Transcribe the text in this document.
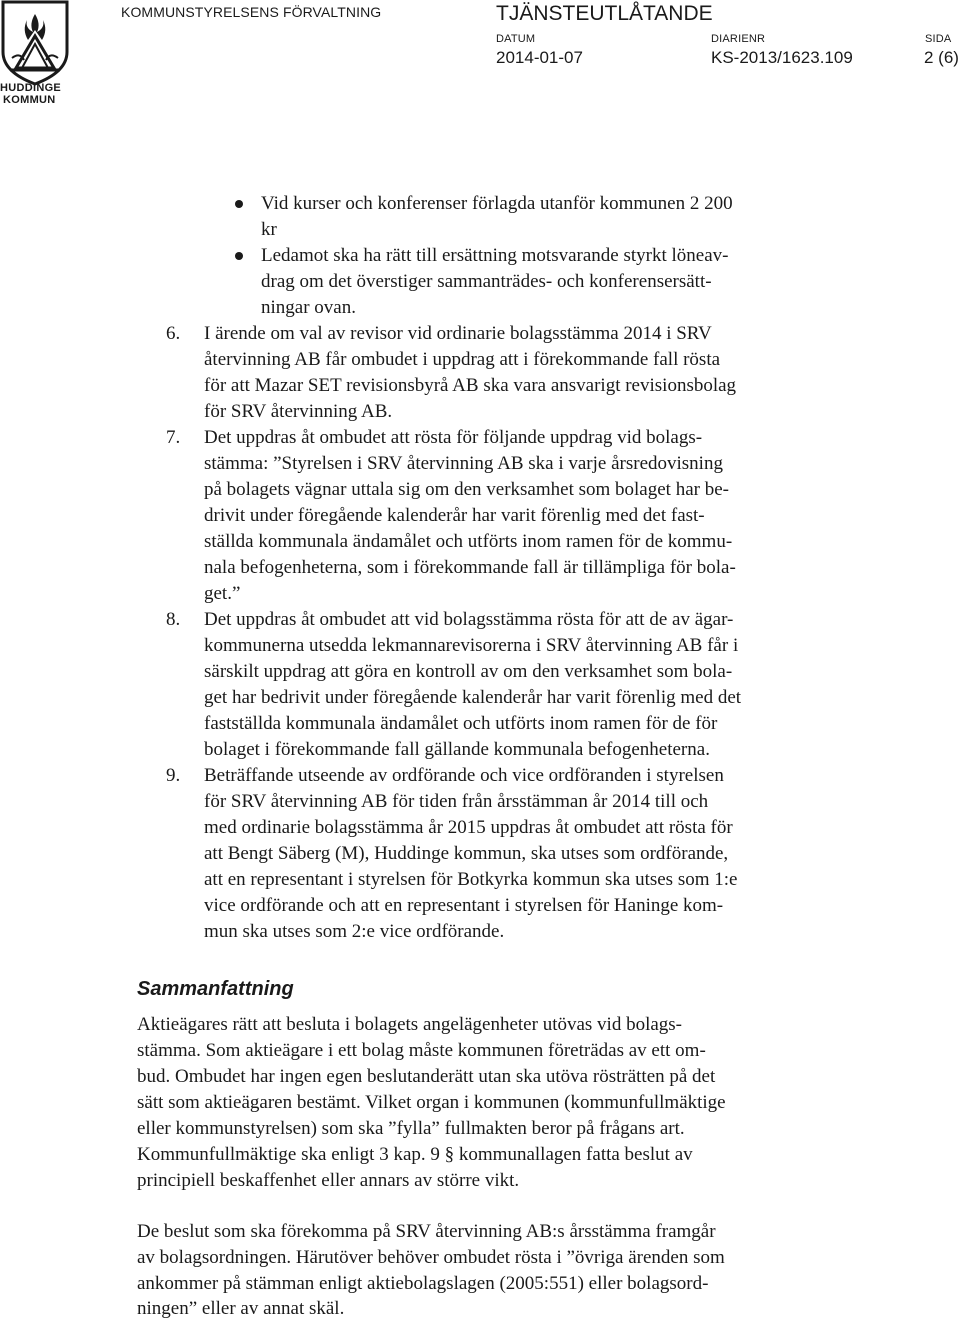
HUDDINGE
KOMMUN
KOMMUNSTYRELSENS FÖRVALTNING	TJÄNSTEUTLÅTANDE
DATUM
2014-01-07
DIARIENR
KS-2013/1623.109
SIDA
2 (6)
Vid kurser och konferenser förlagda utanför kommunen 2 200
kr
Ledamot ska ha rätt till ersättning motsvarande styrkt löneav-
drag om det överstiger sammanträdes- och konferensersätt-
ningar ovan.
6. I ärende om val av revisor vid ordinarie bolagsstämma 2014 i SRV
återvinning AB får ombudet i uppdrag att i förekommande fall rösta
för att Mazar SET revisionsbyrå AB ska vara ansvarigt revisionsbolag
för SRV återvinning AB.
7. Det uppdras åt ombudet att rösta för följande uppdrag vid bolags-
stämma: ”Styrelsen i SRV återvinning AB ska i varje årsredovisning
på bolagets vägnar uttala sig om den verksamhet som bolaget har be-
drivit under föregående kalenderår har varit förenlig med det fast-
ställda kommunala ändamålet och utförts inom ramen för de kommu-
nala befogenheterna, som i förekommande fall är tillämpliga för bola-
get.”
8. Det uppdras åt ombudet att vid bolagsstämma rösta för att de av ägar-
kommunerna utsedda lekmannarevisorerna i SRV återvinning AB får i
särskilt uppdrag att göra en kontroll av om den verksamhet som bola-
get har bedrivit under föregående kalenderår har varit förenlig med det
fastställda kommunala ändamålet och utförts inom ramen för de för
bolaget i förekommande fall gällande kommunala befogenheterna.
9. Beträffande utseende av ordförande och vice ordföranden i styrelsen
för SRV återvinning AB för tiden från årsstämman år 2014 till och
med ordinarie bolagsstämma år 2015 uppdras åt ombudet att rösta för
att Bengt Säberg (M), Huddinge kommun, ska utses som ordförande,
att en representant i styrelsen för Botkyrka kommun ska utses som 1:e
vice ordförande och att en representant i styrelsen för Haninge kom-
mun ska utses som 2:e vice ordförande.
Sammanfattning
Aktieägares rätt att besluta i bolagets angelägenheter utövas vid bolags-
stämma. Som aktieägare i ett bolag måste kommunen företrädas av ett om-
bud. Ombudet har ingen egen beslutanderätt utan ska utöva rösträtten på det
sätt som aktieägaren bestämt. Vilket organ i kommunen (kommunfullmäktige
eller kommunstyrelsen) som ska ”fylla” fullmakten beror på frågans art.
Kommunfullmäktige ska enligt 3 kap. 9 § kommunallagen fatta beslut av
principiell beskaffenhet eller annars av större vikt.
De beslut som ska förekomma på SRV återvinning AB:s årsstämma framgår
av bolagsordningen. Härutöver behöver ombudet rösta i ”övriga ärenden som
ankommer på stämman enligt aktiebolagslagen (2005:551) eller bolagsord-
ningen” eller av annat skäl.
